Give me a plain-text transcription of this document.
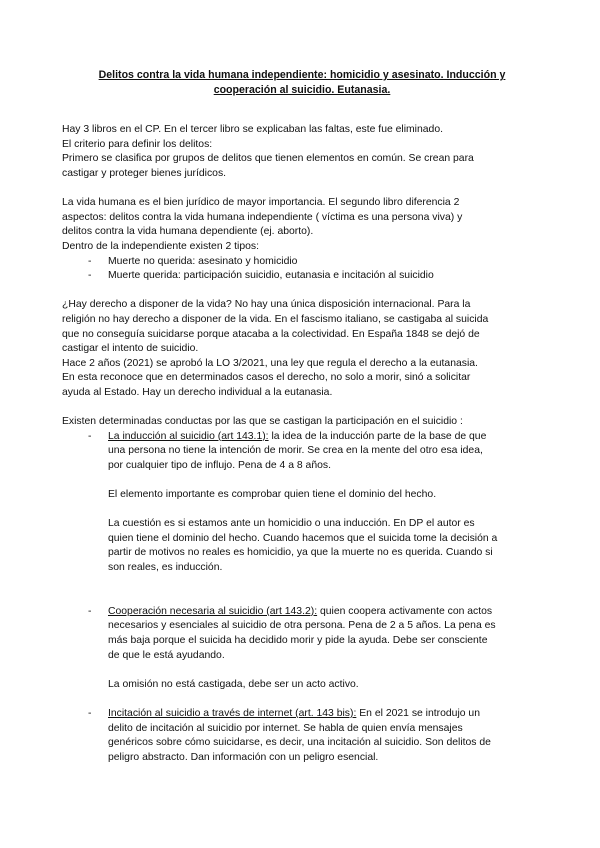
Delitos contra la vida humana independiente: homicidio y asesinato. Inducción y
cooperación al suicidio. Eutanasia.

Hay 3 libros en el CP. En el tercer libro se explicaban las faltas, este fue eliminado.
El criterio para definir los delitos:
Primero se clasifica por grupos de delitos que tienen elementos en común. Se crean para
castigar y proteger bienes jurídicos.

La vida humana es el bien jurídico de mayor importancia. El segundo libro diferencia 2
aspectos: delitos contra la vida humana independiente ( víctima es una persona viva) y
delitos contra la vida humana dependiente (ej. aborto).
Dentro de la independiente existen 2 tipos:

- Muerte no querida: asesinato y homicidio
- Muerte querida: participación suicidio, eutanasia e incitación al suicidio

¿Hay derecho a disponer de la vida? No hay una única disposición internacional. Para la
religión no hay derecho a disponer de la vida. En el fascismo italiano, se castigaba al suicida
que no conseguía suicidarse porque atacaba a la colectividad. En España 1848 se dejó de
castigar el intento de suicidio.
Hace 2 años (2021) se aprobó la LO 3/2021, una ley que regula el derecho a la eutanasia.
En esta reconoce que en determinados casos el derecho, no solo a morir, sinó a solicitar
ayuda al Estado. Hay un derecho individual a la eutanasia.

Existen determinadas conductas por las que se castigan la participación en el suicidio :

- La inducción al suicidio (art 143.1): la idea de la inducción parte de la base de que
una persona no tiene la intención de morir. Se crea en la mente del otro esa idea,
por cualquier tipo de influjo. Pena de 4 a 8 años.

El elemento importante es comprobar quien tiene el dominio del hecho.

La cuestión es si estamos ante un homicidio o una inducción. En DP el autor es
quien tiene el dominio del hecho. Cuando hacemos que el suicida tome la decisión a
partir de motivos no reales es homicidio, ya que la muerte no es querida. Cuando si
son reales, es inducción.

- Cooperación necesaria al suicidio (art 143.2): quien coopera activamente con actos
necesarios y esenciales al suicidio de otra persona. Pena de 2 a 5 años. La pena es
más baja porque el suicida ha decidido morir y pide la ayuda. Debe ser consciente
de que le está ayudando.

La omisión no está castigada, debe ser un acto activo.

- Incitación al suicidio a través de internet (art. 143 bis): En el 2021 se introdujo un
delito de incitación al suicidio por internet. Se habla de quien envía mensajes
genéricos sobre cómo suicidarse, es decir, una incitación al suicidio. Son delitos de
peligro abstracto. Dan información con un peligro esencial.
